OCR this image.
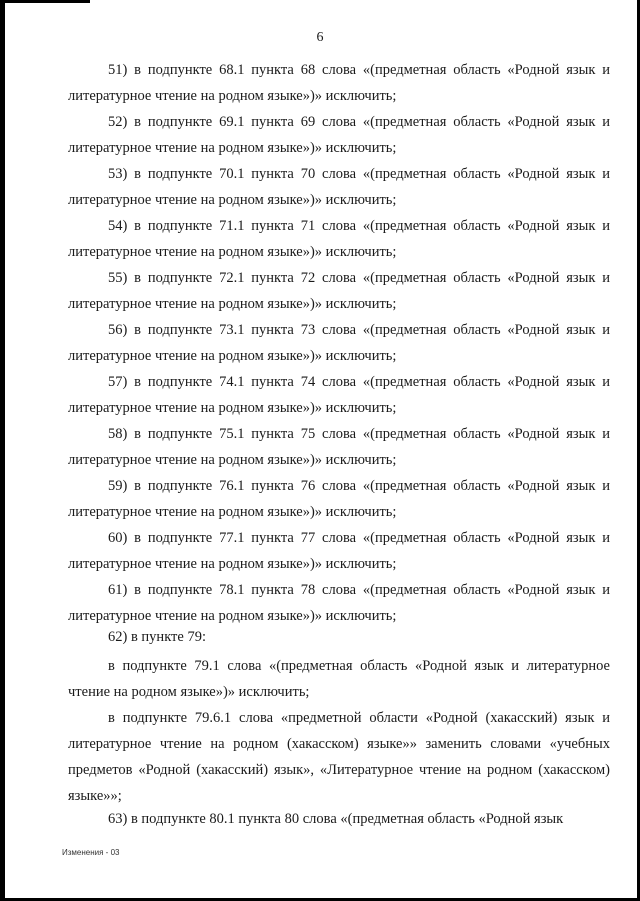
6

51) в подпункте 68.1 пункта 68 слова «(предметная область «Родной язык и литературное чтение на родном языке»)» исключить;

52) в подпункте 69.1 пункта 69 слова «(предметная область «Родной язык и литературное чтение на родном языке»)» исключить;

53) в подпункте 70.1 пункта 70 слова «(предметная область «Родной язык и литературное чтение на родном языке»)» исключить;

54) в подпункте 71.1 пункта 71 слова «(предметная область «Родной язык и литературное чтение на родном языке»)» исключить;

55) в подпункте 72.1 пункта 72 слова «(предметная область «Родной язык и литературное чтение на родном языке»)» исключить;

56) в подпункте 73.1 пункта 73 слова «(предметная область «Родной язык и литературное чтение на родном языке»)» исключить;

57) в подпункте 74.1 пункта 74 слова «(предметная область «Родной язык и литературное чтение на родном языке»)» исключить;

58) в подпункте 75.1 пункта 75 слова «(предметная область «Родной язык и литературное чтение на родном языке»)» исключить;

59) в подпункте 76.1 пункта 76 слова «(предметная область «Родной язык и литературное чтение на родном языке»)» исключить;

60) в подпункте 77.1 пункта 77 слова «(предметная область «Родной язык и литературное чтение на родном языке»)» исключить;

61) в подпункте 78.1 пункта 78 слова «(предметная область «Родной язык и литературное чтение на родном языке»)» исключить;

62) в пункте 79:

в подпункте 79.1 слова «(предметная область «Родной язык и литературное чтение на родном языке»)» исключить;

в подпункте 79.6.1 слова «предметной области «Родной (хакасский) язык и литературное чтение на родном (хакасском) языке»» заменить словами «учебных предметов «Родной (хакасский) язык», «Литературное чтение на родном (хакасском) языке»»;

63) в подпункте 80.1 пункта 80 слова «(предметная область «Родной язык

Изменения - 03
